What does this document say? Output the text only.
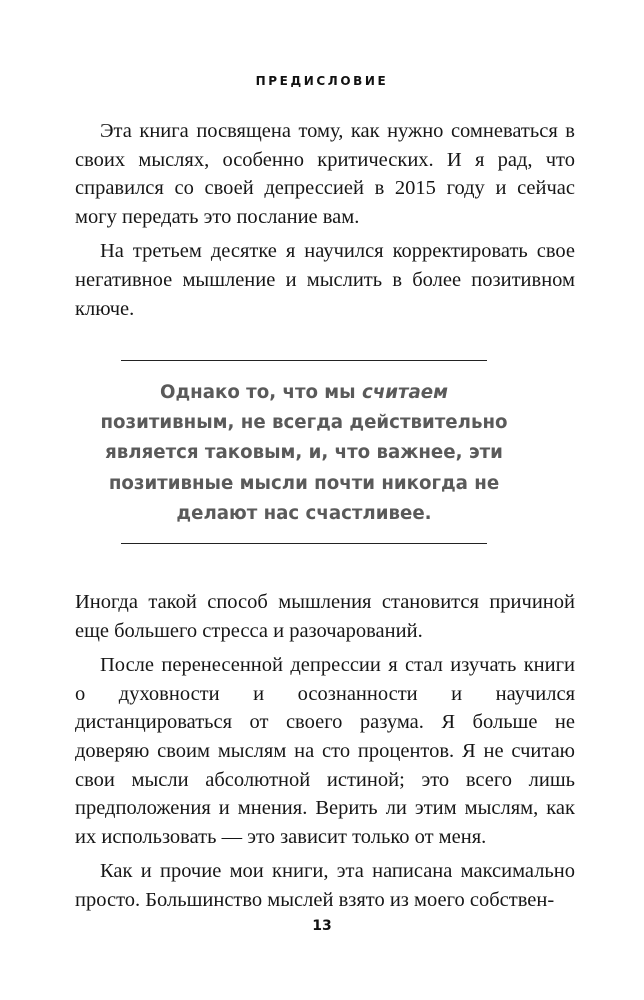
ПРЕДИСЛОВИЕ

Эта книга посвящена тому, как нужно сомневаться в своих мыслях, особенно критических. И я рад, что справился со своей депрессией в 2015 году и сейчас могу передать это послание вам.

На третьем десятке я научился корректировать свое негативное мышление и мыслить в более позитивном ключе.

Однако то, что мы считаем позитивным, не всегда действительно является таковым, и, что важнее, эти позитивные мысли почти никогда не делают нас счастливее.

Иногда такой способ мышления становится причиной еще большего стресса и разочарований.

После перенесенной депрессии я стал изучать книги о духовности и осознанности и научился дистанцироваться от своего разума. Я больше не доверяю своим мыслям на сто процентов. Я не считаю свои мысли абсолютной истиной; это всего лишь предположения и мнения. Верить ли этим мыслям, как их использовать — это зависит только от меня.

Как и прочие мои книги, эта написана максимально просто. Большинство мыслей взято из моего собствен-

13
